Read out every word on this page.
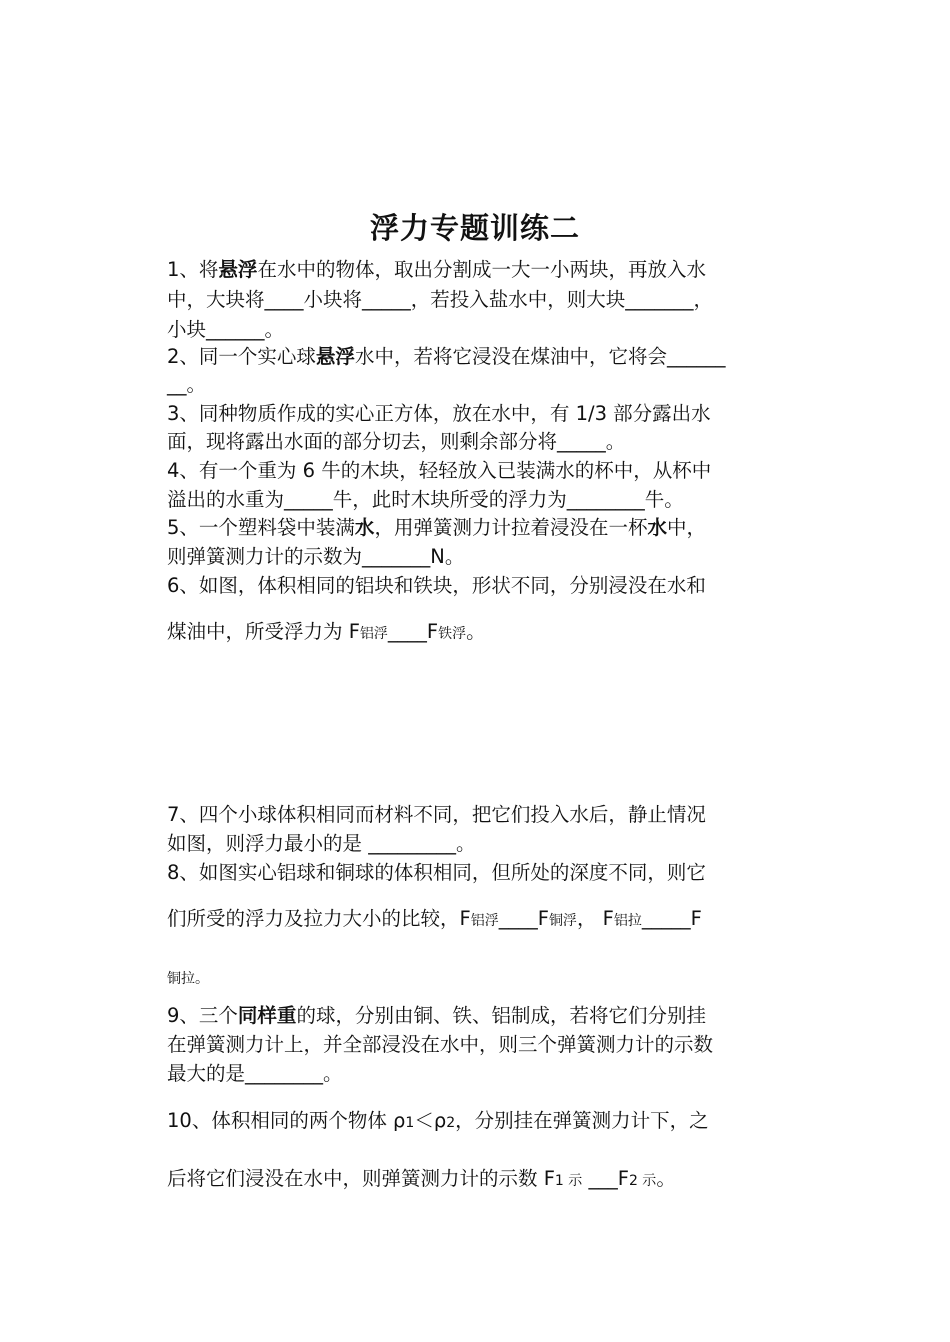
浮力专题训练二
1、将悬浮在水中的物体，取出分割成一大一小两块，再放入水
中，大块将____小块将_____，若投入盐水中，则大块_______，
小块______。
2、同一个实心球悬浮水中，若将它浸没在煤油中，它将会______
__。
3、同种物质作成的实心正方体，放在水中，有 1/3 部分露出水
面，现将露出水面的部分切去，则剩余部分将_____。
4、有一个重为 6 牛的木块，轻轻放入已装满水的杯中，从杯中
溢出的水重为_____牛，此时木块所受的浮力为________牛。
5、一个塑料袋中装满水，用弹簧测力计拉着浸没在一杯水中，
则弹簧测力计的示数为_______N。
6、如图，体积相同的铝块和铁块，形状不同，分别浸没在水和
煤油中，所受浮力为 F铝浮____F铁浮。
7、四个小球体积相同而材料不同，把它们投入水后，静止情况
如图，则浮力最小的是 _________。
8、如图实心铝球和铜球的体积相同，但所处的深度不同，则它
们所受的浮力及拉力大小的比较，F铝浮____F铜浮， F铝拉_____F
铜拉。
9、三个同样重的球，分别由铜、铁、铝制成，若将它们分别挂
在弹簧测力计上，并全部浸没在水中，则三个弹簧测力计的示数
最大的是________。
10、体积相同的两个物体 ρ1＜ρ2，分别挂在弹簧测力计下，之
后将它们浸没在水中，则弹簧测力计的示数 F1 示 ___F2 示。
